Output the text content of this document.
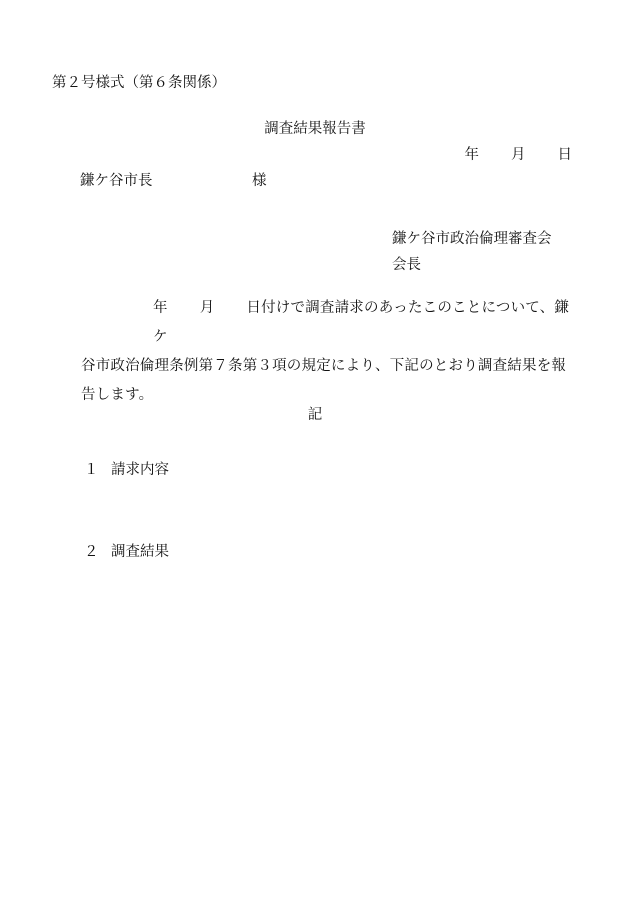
第２号様式（第６条関係）
調査結果報告書
年 月 日
鎌ケ谷市長	様
鎌ケ谷市政治倫理審査会
会長
年 月 日付けで調査請求のあったこのことについて、鎌ケ
谷市政治倫理条例第７条第３項の規定により、下記のとおり調査結果を報告します。
記
１ 請求内容
２ 調査結果
